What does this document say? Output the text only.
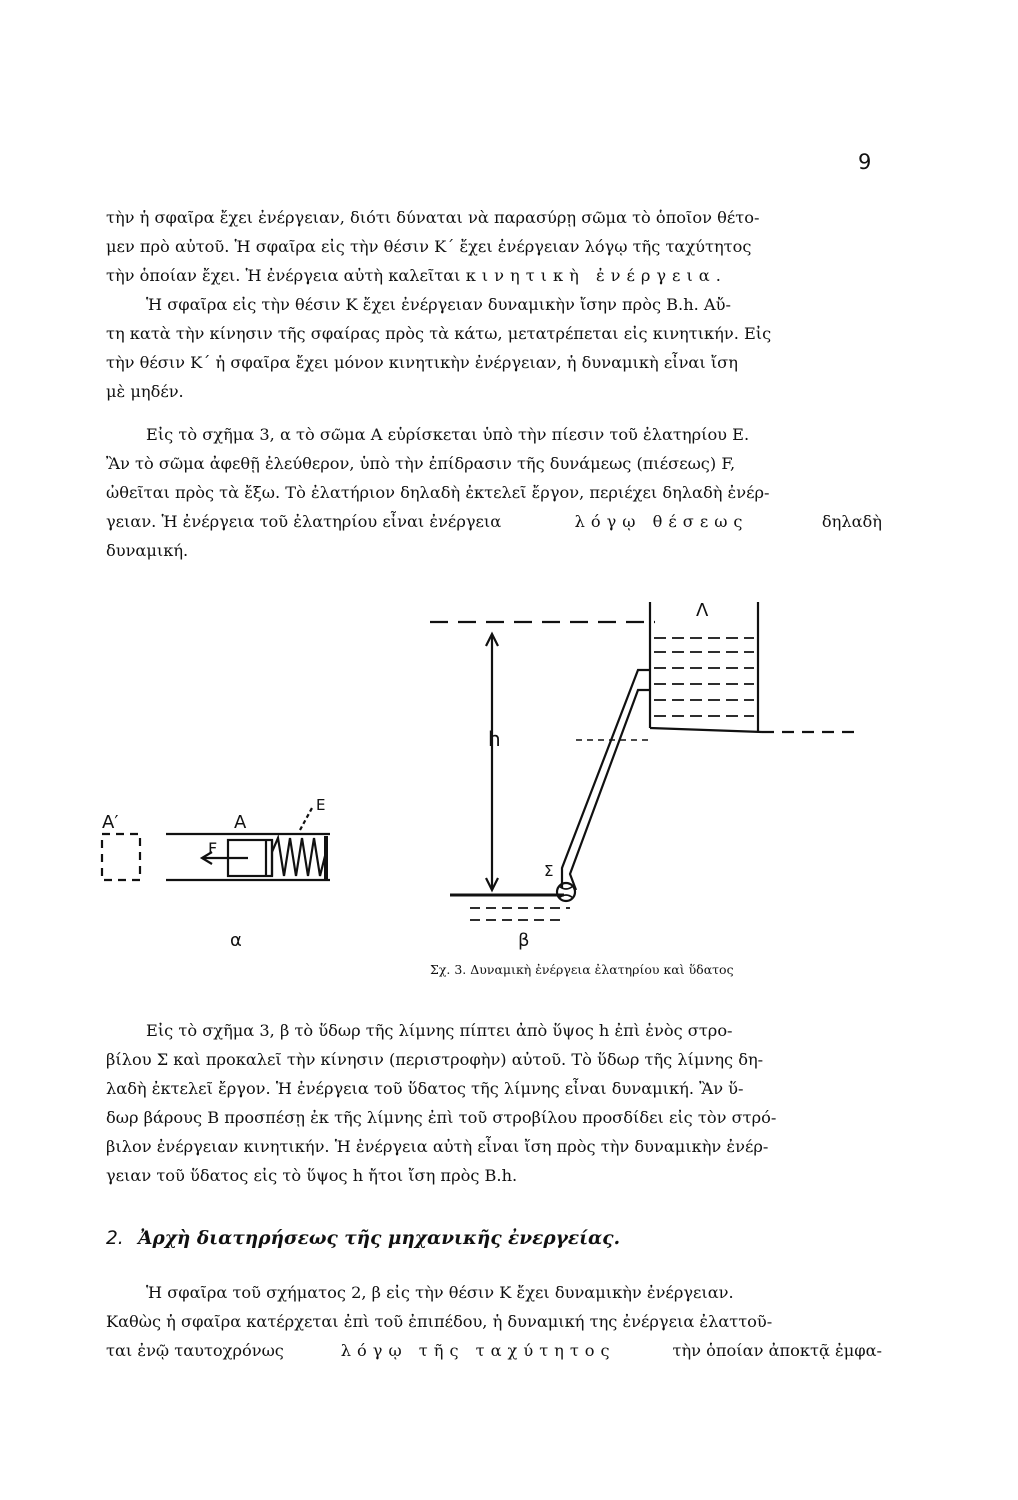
9

τὴν ἡ σφαῖρα ἔχει ἐνέργειαν, διότι δύναται νὰ παρασύρῃ σῶμα τὸ ὁποῖον θέτο-

μεν πρὸ αὐτοῦ. Ἡ σφαῖρα εἰς τὴν θέσιν Κ΄ ἔχει ἐνέργειαν λόγῳ τῆς ταχύτητος

τὴν ὁποίαν ἔχει. Ἡ ἐνέργεια αὐτὴ καλεῖται κινητικὴ ἐνέργεια.

Ἡ σφαῖρα εἰς τὴν θέσιν Κ ἔχει ἐνέργειαν δυναμικὴν ἴσην πρὸς Β.h. Αὔ-

τη κατὰ τὴν κίνησιν τῆς σφαίρας πρὸς τὰ κάτω, μετατρέπεται εἰς κινητικήν. Εἰς

τὴν θέσιν Κ΄ ἡ σφαῖρα ἔχει μόνον κινητικὴν ἐνέργειαν, ἡ δυναμικὴ εἶναι ἴση

μὲ μηδέν.

Εἰς τὸ σχῆμα 3, α τὸ σῶμα Α εὑρίσκεται ὑπὸ τὴν πίεσιν τοῦ ἐλατηρίου Ε.

Ἂν τὸ σῶμα ἀφεθῇ ἐλεύθερον, ὑπὸ τὴν ἐπίδρασιν τῆς δυνάμεως (πιέσεως) F,

ὠθεῖται πρὸς τὰ ἔξω. Τὸ ἐλατήριον δηλαδὴ ἐκτελεῖ ἔργον, περιέχει δηλαδὴ ἐνέρ-

γειαν. Ἡ ἐνέργεια τοῦ ἐλατηρίου εἶναι ἐνέργεια	λόγῳ θέσεως	δηλαδὴ

δυναμική.

A′	A
E
F
Λ
h
Σ
α	β
Σχ. 3. Δυναμικὴ ἐνέργεια ἐλατηρίου καὶ ὕδατος

Εἰς τὸ σχῆμα 3, β τὸ ὕδωρ τῆς λίμνης πίπτει ἀπὸ ὕψος h ἐπὶ ἑνὸς στρο-

βίλου Σ καὶ προκαλεῖ τὴν κίνησιν (περιστροφὴν) αὐτοῦ. Τὸ ὕδωρ τῆς λίμνης δη-

λαδὴ ἐκτελεῖ ἔργον. Ἡ ἐνέργεια τοῦ ὕδατος τῆς λίμνης εἶναι δυναμική. Ἂν ὕ-

δωρ βάρους Β προσπέσῃ ἐκ τῆς λίμνης ἐπὶ τοῦ στροβίλου προσδίδει εἰς τὸν στρό-

βιλον ἐνέργειαν κινητικήν. Ἡ ἐνέργεια αὐτὴ εἶναι ἴση πρὸς τὴν δυναμικὴν ἐνέρ-

γειαν τοῦ ὕδατος εἰς τὸ ὕψος h ἤτοι ἴση πρὸς Β.h.

2. Ἀρχὴ διατηρήσεως τῆς μηχανικῆς ἐνεργείας.

Ἡ σφαῖρα τοῦ σχήματος 2, β εἰς τὴν θέσιν Κ ἔχει δυναμικὴν ἐνέργειαν.

Καθὼς ἡ σφαῖρα κατέρχεται ἐπὶ τοῦ ἐπιπέδου, ἡ δυναμική της ἐνέργεια ἐλαττοῦ-

ται ἐνῷ ταυτοχρόνως	λόγῳ τῆς ταχύτητος	τὴν ὁποίαν ἀποκτᾷ ἐμφα-
